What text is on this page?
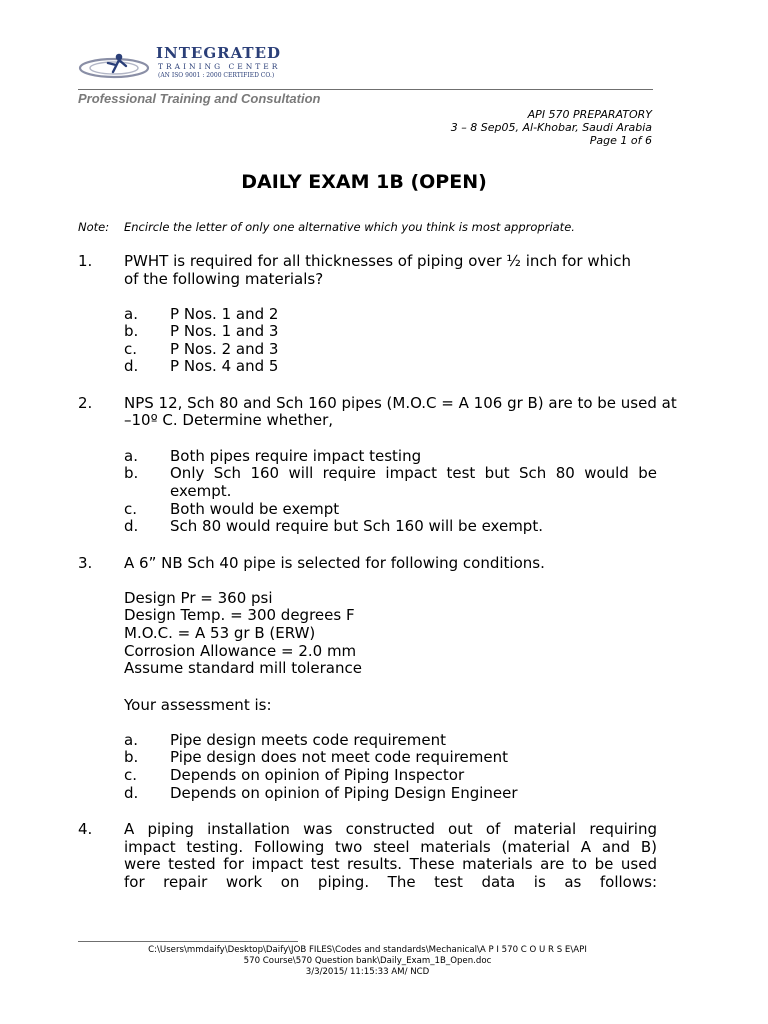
INTEGRATED
TRAINING CENTER
(AN ISO 9001 : 2000 CERTIFIED CO.)
Professional Training and Consultation
API 570 PREPARATORY
3 – 8 Sep05, Al-Khobar, Saudi Arabia
Page 1 of 6
DAILY EXAM 1B (OPEN)
Note: Encircle the letter of only one alternative which you think is most appropriate.
1. PWHT is required for all thicknesses of piping over ½ inch for which
of the following materials?
a. P Nos. 1 and 2
b. P Nos. 1 and 3
c. P Nos. 2 and 3
d. P Nos. 4 and 5
2. NPS 12, Sch 80 and Sch 160 pipes (M.O.C = A 106 gr B) are to be used at
–10º C. Determine whether,
a. Both pipes require impact testing
b. Only Sch 160 will require impact test but Sch 80 would be
exempt.
c. Both would be exempt
d. Sch 80 would require but Sch 160 will be exempt.
3. A 6” NB Sch 40 pipe is selected for following conditions.
Design Pr = 360 psi
Design Temp. = 300 degrees F
M.O.C. = A 53 gr B (ERW)
Corrosion Allowance = 2.0 mm
Assume standard mill tolerance
Your assessment is:
a. Pipe design meets code requirement
b. Pipe design does not meet code requirement
c. Depends on opinion of Piping Inspector
d. Depends on opinion of Piping Design Engineer
4. A piping installation was constructed out of material requiring
impact testing. Following two steel materials (material A and B)
were tested for impact test results. These materials are to be used
for repair work on piping. The test data is as follows:
C:\Users\mmdaify\Desktop\Daify\JOB FILES\Codes and standards\Mechanical\A P I 570 C O U R S E\API
570 Course\570 Question bank\Daily_Exam_1B_Open.doc
3/3/2015/ 11:15:33 AM/ NCD
